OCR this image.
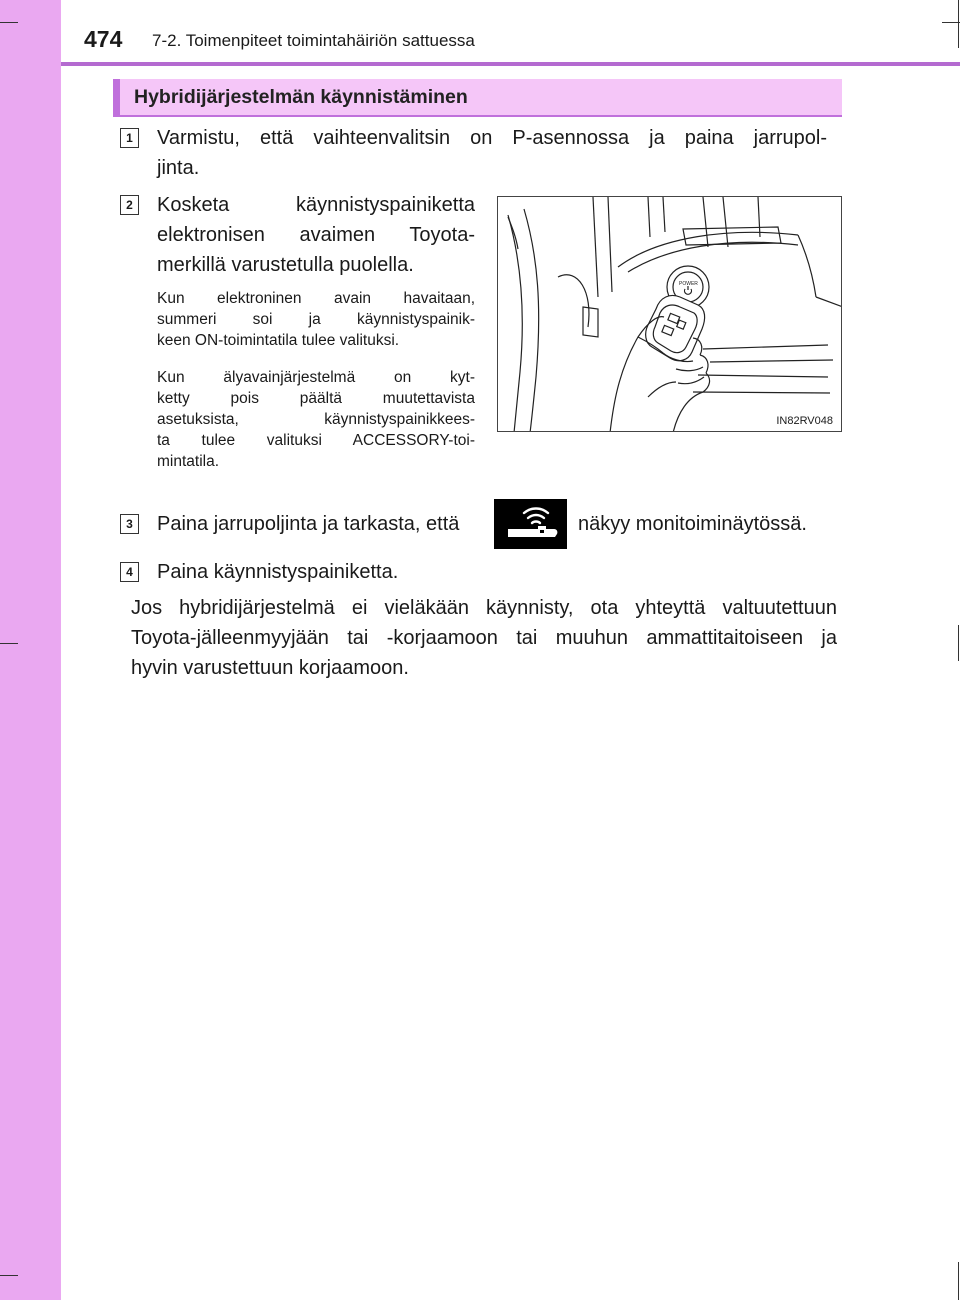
474 7-2. Toimenpiteet toimintahäiriön sattuessa
Hybridijärjestelmän käynnistäminen
1	Varmistu, että vaihteenvalitsin on P-asennossa ja paina jarrupol-
jinta.
2	Kosketa käynnistyspainiketta
elektronisen avaimen Toyota-
merkillä varustetulla puolella.
Kun elektroninen avain havaitaan,
summeri soi ja käynnistyspainik-
keen ON-toimintatila tulee valituksi.
Kun älyavainjärjestelmä on kyt-
ketty pois päältä muutettavista
asetuksista, käynnistyspainikkees-
ta tulee valituksi ACCESSORY-toi-
mintatila.
POWER
IN82RV048
3	Paina jarrupoljinta ja tarkasta, että	näkyy monitoiminäytössä.
4	Paina käynnistyspainiketta.
Jos hybridijärjestelmä ei vieläkään käynnisty, ota yhteyttä valtuutettuun
Toyota-jälleenmyyjään tai -korjaamoon tai muuhun ammattitaitoiseen ja
hyvin varustettuun korjaamoon.
